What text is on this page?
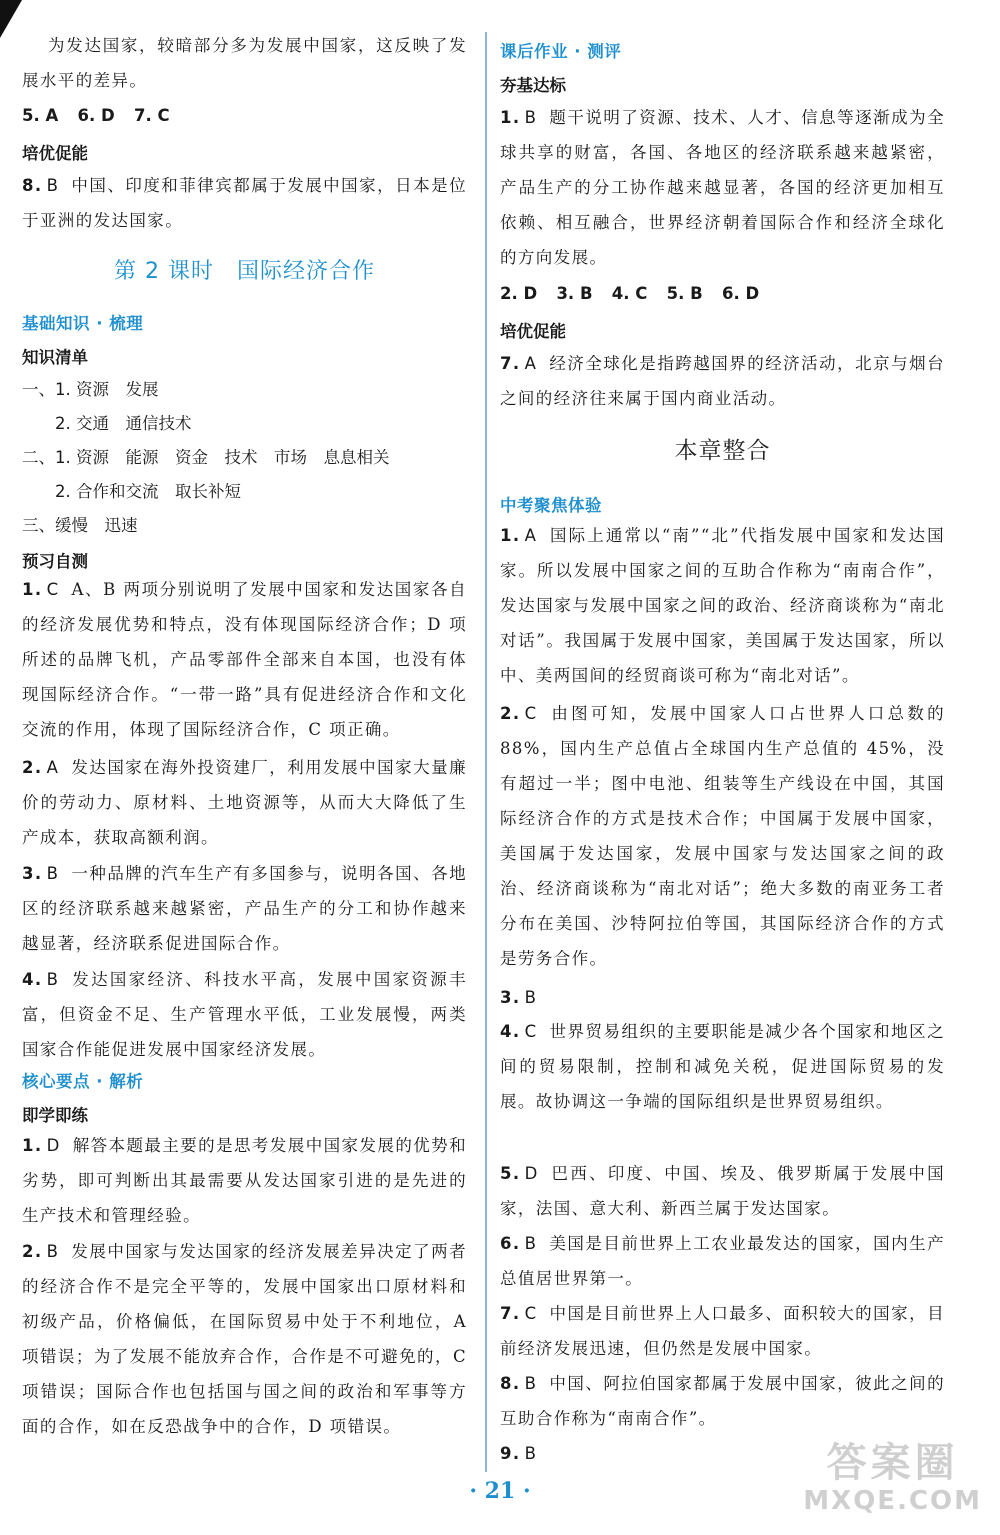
为发达国家，较暗部分多为发展中国家，这反映了发展水平的差异。

5. A 6. D 7. C
培优促能

8. B 中国、印度和菲律宾都属于发展中国家，日本是位于亚洲的发达国家。

第 2 课时　国际经济合作
基础知识 · 梳理
知识清单
一、1. 资源　发展
　　2. 交通　通信技术
二、1. 资源　能源　资金　技术　市场　息息相关
　　2. 合作和交流　取长补短
三、缓慢　迅速
预习自测

1. C A、B 两项分别说明了发展中国家和发达国家各自的经济发展优势和特点，没有体现国际经济合作；D 项所述的品牌飞机，产品零部件全部来自本国，也没有体现国际经济合作。“一带一路”具有促进经济合作和文化交流的作用，体现了国际经济合作，C 项正确。

2. A 发达国家在海外投资建厂，利用发展中国家大量廉价的劳动力、原材料、土地资源等，从而大大降低了生产成本，获取高额利润。

3. B 一种品牌的汽车生产有多国参与，说明各国、各地区的经济联系越来越紧密，产品生产的分工和协作越来越显著，经济联系促进国际合作。

4. B 发达国家经济、科技水平高，发展中国家资源丰富，但资金不足、生产管理水平低，工业发展慢，两类国家合作能促进发展中国家经济发展。

核心要点 · 解析
即学即练

1. D 解答本题最主要的是思考发展中国家发展的优势和劣势，即可判断出其最需要从发达国家引进的是先进的生产技术和管理经验。

2. B 发展中国家与发达国家的经济发展差异决定了两者的经济合作不是完全平等的，发展中国家出口原材料和初级产品，价格偏低，在国际贸易中处于不利地位，A 项错误；为了发展不能放弃合作，合作是不可避免的，C 项错误；国际合作也包括国与国之间的政治和军事等方面的合作，如在反恐战争中的合作，D 项错误。

课后作业 · 测评
夯基达标

1. B 题干说明了资源、技术、人才、信息等逐渐成为全球共享的财富，各国、各地区的经济联系越来越紧密，产品生产的分工协作越来越显著，各国的经济更加相互依赖、相互融合，世界经济朝着国际合作和经济全球化的方向发展。

2. D 3. B 4. C 5. B 6. D
培优促能

7. A 经济全球化是指跨越国界的经济活动，北京与烟台之间的经济往来属于国内商业活动。

本章整合
中考聚焦体验

1. A 国际上通常以“南”“北”代指发展中国家和发达国家。所以发展中国家之间的互助合作称为“南南合作”，发达国家与发展中国家之间的政治、经济商谈称为“南北对话”。我国属于发展中国家，美国属于发达国家，所以中、美两国间的经贸商谈可称为“南北对话”。

2. C 由图可知，发展中国家人口占世界人口总数的 88%，国内生产总值占全球国内生产总值的 45%，没有超过一半；图中电池、组装等生产线设在中国，其国际经济合作的方式是技术合作；中国属于发展中国家，美国属于发达国家，发展中国家与发达国家之间的政治、经济商谈称为“南北对话”；绝大多数的南亚务工者分布在美国、沙特阿拉伯等国，其国际经济合作的方式是劳务合作。

3. B

4. C 世界贸易组织的主要职能是减少各个国家和地区之间的贸易限制，控制和减免关税，促进国际贸易的发展。故协调这一争端的国际组织是世界贸易组织。

5. D 巴西、印度、中国、埃及、俄罗斯属于发展中国家，法国、意大利、新西兰属于发达国家。

6. B 美国是目前世界上工农业最发达的国家，国内生产总值居世界第一。

7. C 中国是目前世界上人口最多、面积较大的国家，目前经济发展迅速，但仍然是发展中国家。

8. B 中国、阿拉伯国家都属于发展中国家，彼此之间的互助合作称为“南南合作”。

9. B

· 21 ·
答案圈
MXQE.COM
